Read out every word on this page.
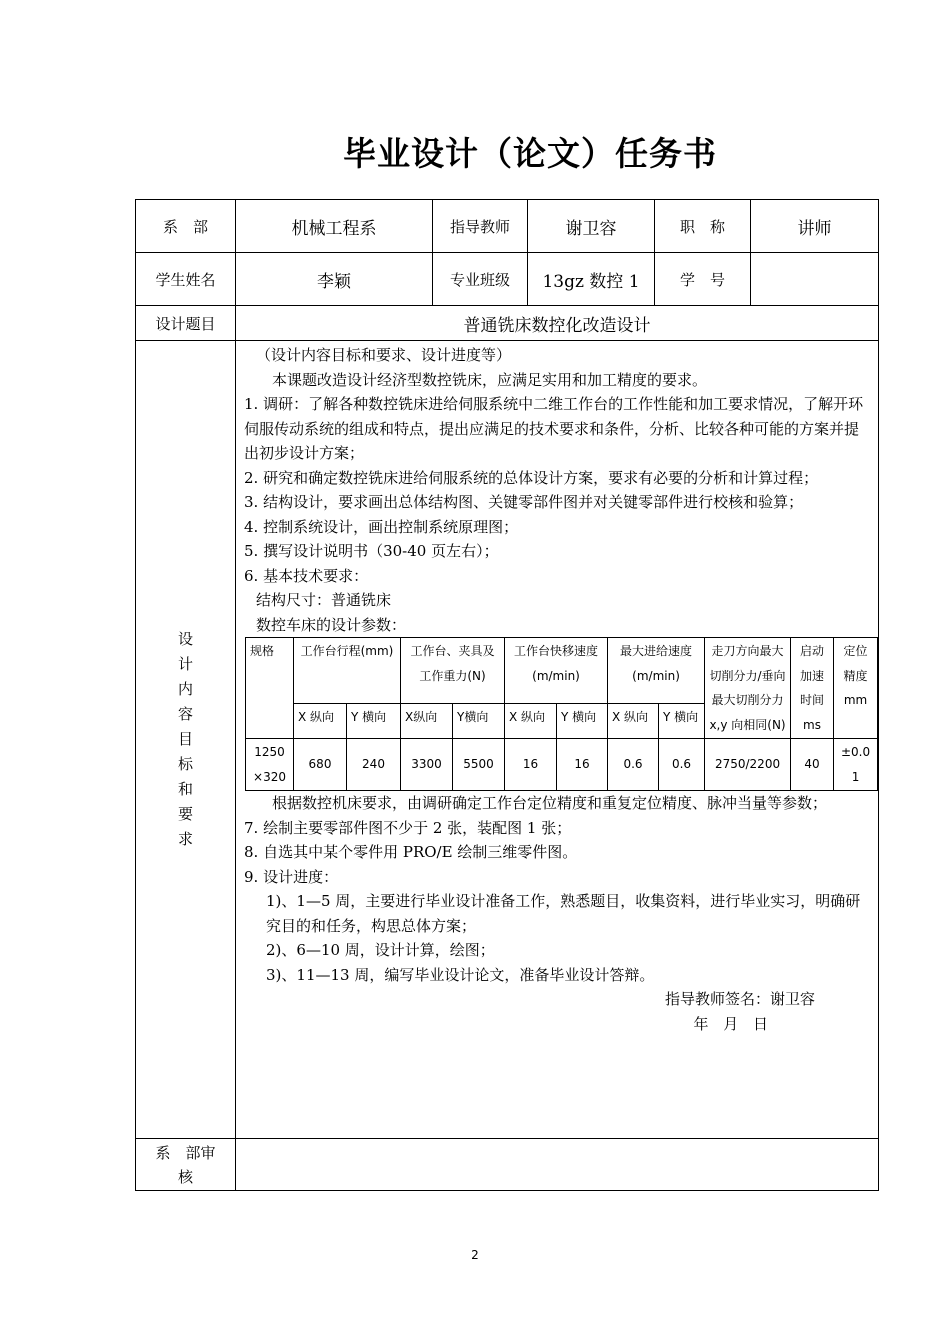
毕业设计（论文）任务书
系　部	机械工程系	指导教师	谢卫容	职　称	讲师
学生姓名	李颖	专业班级	13gz 数控 1	学　号	
设计题目	普通铣床数控化改造设计

设
计
内
容
目
标
和
要
求

（设计内容目标和要求、设计进度等）

本课题改造设计经济型数控铣床，应满足实用和加工精度的要求。

1. 调研：了解各种数控铣床进给伺服系统中二维工作台的工作性能和加工要求情况，了解开环伺服传动系统的组成和特点，提出应满足的技术要求和条件，分析、比较各种可能的方案并提出初步设计方案；

2. 研究和确定数控铣床进给伺服系统的总体设计方案，要求有必要的分析和计算过程；

3. 结构设计，要求画出总体结构图、关键零部件图并对关键零部件进行校核和验算；

4. 控制系统设计，画出控制系统原理图；

5. 撰写设计说明书（30-40 页左右）；

6. 基本技术要求：

结构尺寸：普通铣床

数控车床的设计参数：

规格	工作台行程(mm)	工作台、夹具及工作重力(N)	工作台快移速度(m/min)	最大进给速度(m/min)	走刀方向最大切削分力/垂向最大切削分力 x,y 向相同(N)	启动加速时间ms	定位精度mm
X 纵向	Y 横向	X纵向	Y横向	X 纵向	Y 横向	X 纵向	Y 横向
1250×320	680	240	3300	5500	16	16	0.6	0.6	2750/2200	40	±0.01

根据数控机床要求，由调研确定工作台定位精度和重复定位精度、脉冲当量等参数；

7. 绘制主要零部件图不少于 2 张，装配图 1 张；

8. 自选其中某个零件用 PRO/E 绘制三维零件图。

9. 设计进度：

1)、1—5 周，主要进行毕业设计准备工作，熟悉题目，收集资料，进行毕业实习，明确研究目的和任务，构思总体方案；

2)、6—10 周，设计计算，绘图；

3)、11—13 周，编写毕业设计论文，准备毕业设计答辩。

指导教师签名：谢卫容

年 月 日

系　部审核	
2
